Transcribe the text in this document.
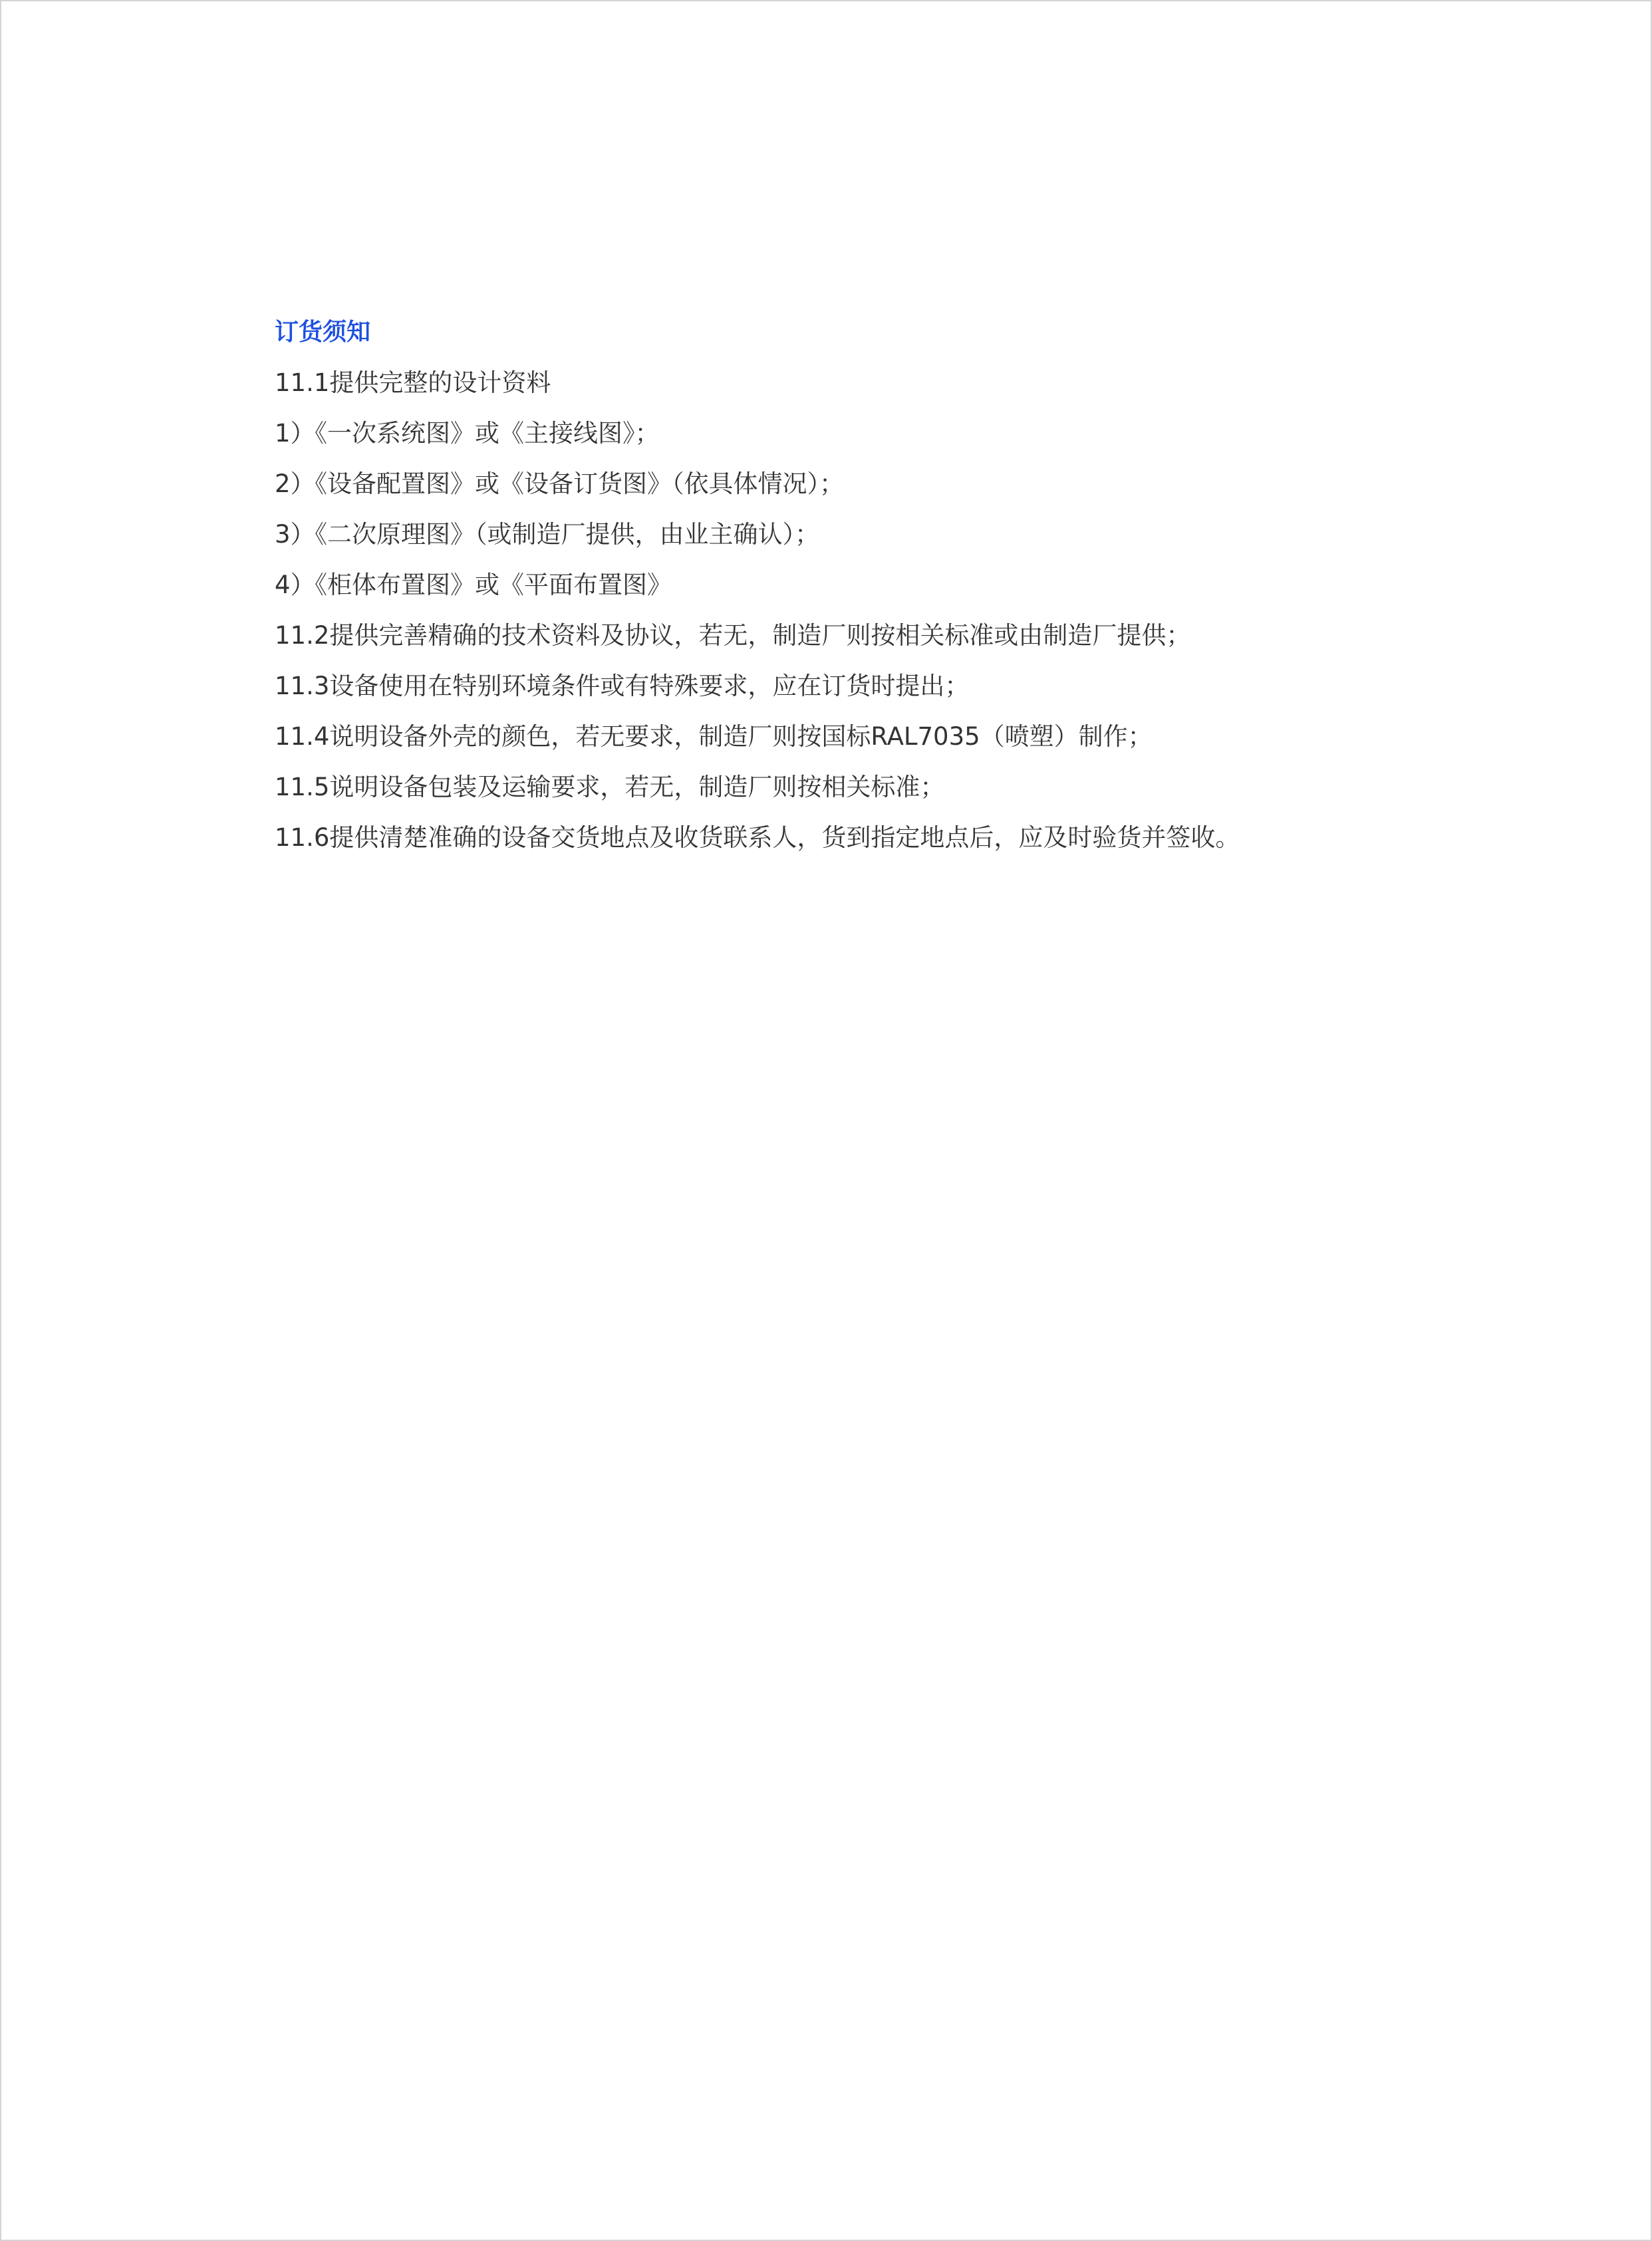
订货须知
11.1提供完整的设计资料
1）《一次系统图》或《主接线图》；
2）《设备配置图》或《设备订货图》（依具体情况）；
3）《二次原理图》（或制造厂提供，由业主确认）；
4）《柜体布置图》或《平面布置图》
11.2提供完善精确的技术资料及协议，若无，制造厂则按相关标准或由制造厂提供；
11.3设备使用在特别环境条件或有特殊要求，应在订货时提出；
11.4说明设备外壳的颜色，若无要求，制造厂则按国标RAL7035（喷塑）制作；
11.5说明设备包装及运输要求，若无，制造厂则按相关标准；
11.6提供清楚准确的设备交货地点及收货联系人，货到指定地点后，应及时验货并签收。
